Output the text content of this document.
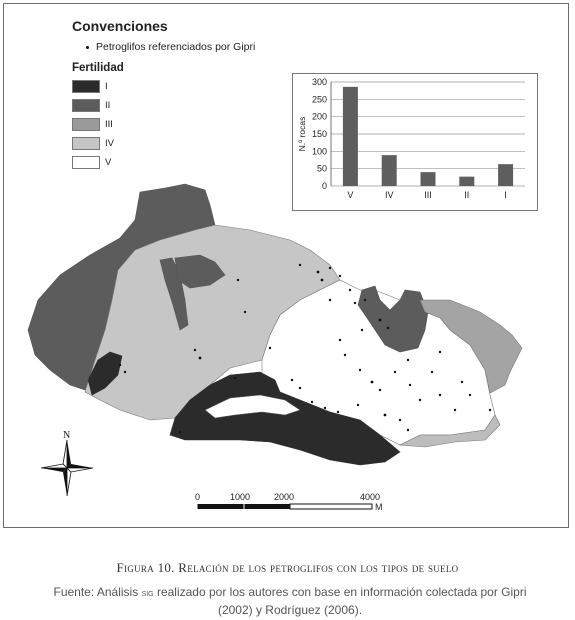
0	1000	2000	4000
M
N
Convenciones
Petroglifos referenciados por Gipri
Fertilidad
I
II
III
IV
V
0
50
100
150
200
250
300
V	IV	III	II	I
N.º rocas
Figura 10. Relación de los petroglifos con los tipos de suelo
Fuente: Análisis sig realizado por los autores con base en información colectada por Gipri
(2002) y Rodríguez (2006).
